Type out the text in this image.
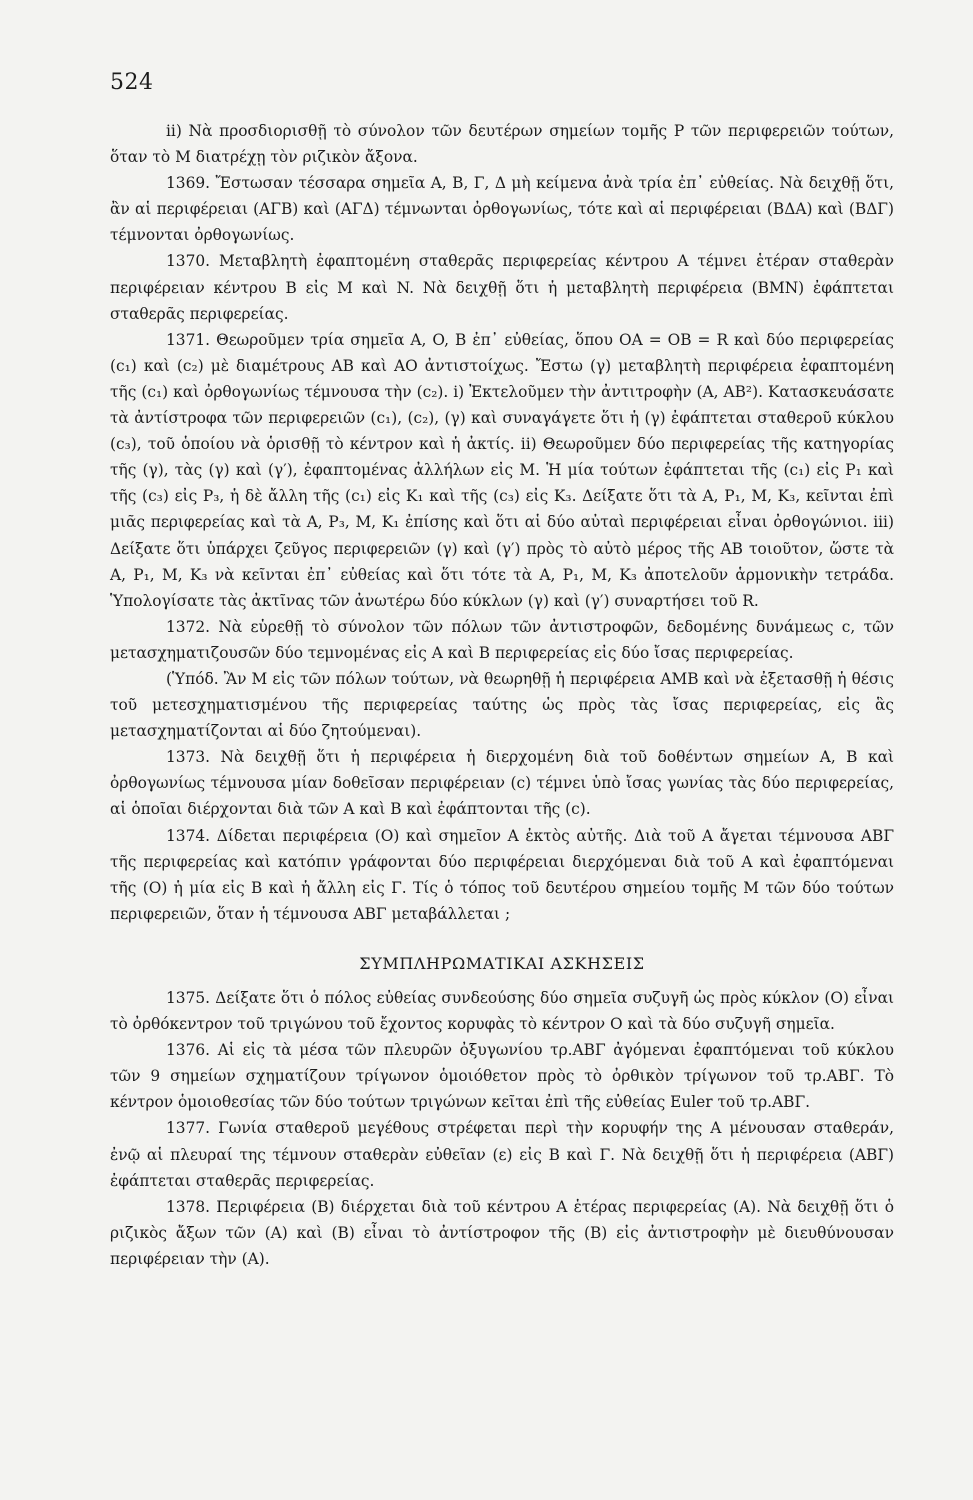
524

ii) Νὰ προσδιορισθῇ τὸ σύνολον τῶν δευτέρων σημείων τομῆς P τῶν περιφερειῶν τούτων, ὅταν τὸ M διατρέχῃ τὸν ριζικὸν ἄξονα.

1369. Ἔστωσαν τέσσαρα σημεῖα A, B, Γ, Δ μὴ κείμενα ἀνὰ τρία ἐπ᾽ εὐθείας. Νὰ δειχθῇ ὅτι, ἂν αἱ περιφέρειαι (ΑΓΒ) καὶ (ΑΓΔ) τέμνωνται ὀρθογωνίως, τότε καὶ αἱ περιφέρειαι (ΒΔΑ) καὶ (ΒΔΓ) τέμνονται ὀρθογωνίως.

1370. Μεταβλητὴ ἐφαπτομένη σταθερᾶς περιφερείας κέντρου A τέμνει ἑτέραν σταθερὰν περιφέρειαν κέντρου B εἰς M καὶ N. Νὰ δειχθῇ ὅτι ἡ μεταβλητὴ περιφέρεια (BMN) ἐφάπτεται σταθερᾶς περιφερείας.

1371. Θεωροῦμεν τρία σημεῖα A, O, B ἐπ᾽ εὐθείας, ὅπου OA = OB = R καὶ δύο περιφερείας (c₁) καὶ (c₂) μὲ διαμέτρους AB καὶ AO ἀντιστοίχως. Ἔστω (γ) μεταβλητὴ περιφέρεια ἐφαπτομένη τῆς (c₁) καὶ ὀρθογωνίως τέμνουσα τὴν (c₂). i) Ἐκτελοῦμεν τὴν ἀντιτροφὴν (A, AB²). Κατασκευάσατε τὰ ἀντίστροφα τῶν περιφερειῶν (c₁), (c₂), (γ) καὶ συναγάγετε ὅτι ἡ (γ) ἐφάπτεται σταθεροῦ κύκλου (c₃), τοῦ ὁποίου νὰ ὁρισθῇ τὸ κέντρον καὶ ἡ ἀκτίς. ii) Θεωροῦμεν δύο περιφερείας τῆς κατηγορίας τῆς (γ), τὰς (γ) καὶ (γ′), ἐφαπτομένας ἀλλήλων εἰς M. Ἡ μία τούτων ἐφάπτεται τῆς (c₁) εἰς P₁ καὶ τῆς (c₃) εἰς P₃, ἡ δὲ ἄλλη τῆς (c₁) εἰς K₁ καὶ τῆς (c₃) εἰς K₃. Δείξατε ὅτι τὰ A, P₁, M, K₃, κεῖνται ἐπὶ μιᾶς περιφερείας καὶ τὰ A, P₃, M, K₁ ἐπίσης καὶ ὅτι αἱ δύο αὐταὶ περιφέρειαι εἶναι ὀρθογώνιοι. iii) Δείξατε ὅτι ὑπάρχει ζεῦγος περιφερειῶν (γ) καὶ (γ′) πρὸς τὸ αὐτὸ μέρος τῆς AB τοιοῦτον, ὥστε τὰ A, P₁, M, K₃ νὰ κεῖνται ἐπ᾽ εὐθείας καὶ ὅτι τότε τὰ A, P₁, M, K₃ ἀποτελοῦν ἁρμονικὴν τετράδα. Ὑπολογίσατε τὰς ἀκτῖνας τῶν ἀνωτέρω δύο κύκλων (γ) καὶ (γ′) συναρτήσει τοῦ R.

1372. Νὰ εὑρεθῇ τὸ σύνολον τῶν πόλων τῶν ἀντιστροφῶν, δεδομένης δυνάμεως c, τῶν μετασχηματιζουσῶν δύο τεμνομένας εἰς A καὶ B περιφερείας εἰς δύο ἴσας περιφερείας.

(Ὑπόδ. Ἂν M εἰς τῶν πόλων τούτων, νὰ θεωρηθῇ ἡ περιφέρεια AMB καὶ νὰ ἐξετασθῇ ἡ θέσις τοῦ μετεσχηματισμένου τῆς περιφερείας ταύτης ὡς πρὸς τὰς ἴσας περιφερείας, εἰς ἃς μετασχηματίζονται αἱ δύο ζητούμεναι).

1373. Νὰ δειχθῇ ὅτι ἡ περιφέρεια ἡ διερχομένη διὰ τοῦ δοθέντων σημείων A, B καὶ ὀρθογωνίως τέμνουσα μίαν δοθεῖσαν περιφέρειαν (c) τέμνει ὑπὸ ἴσας γωνίας τὰς δύο περιφερείας, αἱ ὁποῖαι διέρχονται διὰ τῶν A καὶ B καὶ ἐφάπτονται τῆς (c).

1374. Δίδεται περιφέρεια (O) καὶ σημεῖον A ἐκτὸς αὐτῆς. Διὰ τοῦ A ἄγεται τέμνουσα ΑΒΓ τῆς περιφερείας καὶ κατόπιν γράφονται δύο περιφέρειαι διερχόμεναι διὰ τοῦ A καὶ ἐφαπτόμεναι τῆς (O) ἡ μία εἰς B καὶ ἡ ἄλλη εἰς Γ. Τίς ὁ τόπος τοῦ δευτέρου σημείου τομῆς M τῶν δύο τούτων περιφερειῶν, ὅταν ἡ τέμνουσα ΑΒΓ μεταβάλλεται ;

ΣΥΜΠΛΗΡΩΜΑΤΙΚΑΙ ΑΣΚΗΣΕΙΣ

1375. Δείξατε ὅτι ὁ πόλος εὐθείας συνδεούσης δύο σημεῖα συζυγῆ ὡς πρὸς κύκλον (O) εἶναι τὸ ὀρθόκεντρον τοῦ τριγώνου τοῦ ἔχοντος κορυφὰς τὸ κέντρον O καὶ τὰ δύο συζυγῆ σημεῖα.

1376. Αἱ εἰς τὰ μέσα τῶν πλευρῶν ὀξυγωνίου τρ.ΑΒΓ ἀγόμεναι ἐφαπτόμεναι τοῦ κύκλου τῶν 9 σημείων σχηματίζουν τρίγωνον ὁμοιόθετον πρὸς τὸ ὀρθικὸν τρίγωνον τοῦ τρ.ΑΒΓ. Τὸ κέντρον ὁμοιοθεσίας τῶν δύο τούτων τριγώνων κεῖται ἐπὶ τῆς εὐθείας Euler τοῦ τρ.ΑΒΓ.

1377. Γωνία σταθεροῦ μεγέθους στρέφεται περὶ τὴν κορυφήν της A μένουσαν σταθεράν, ἐνῷ αἱ πλευραί της τέμνουν σταθερὰν εὐθεῖαν (ε) εἰς B καὶ Γ. Νὰ δειχθῇ ὅτι ἡ περιφέρεια (ΑΒΓ) ἐφάπτεται σταθερᾶς περιφερείας.

1378. Περιφέρεια (B) διέρχεται διὰ τοῦ κέντρου A ἑτέρας περιφερείας (A). Νὰ δειχθῇ ὅτι ὁ ριζικὸς ἄξων τῶν (A) καὶ (B) εἶναι τὸ ἀντίστροφον τῆς (B) εἰς ἀντιστροφὴν μὲ διευθύνουσαν περιφέρειαν τὴν (A).
